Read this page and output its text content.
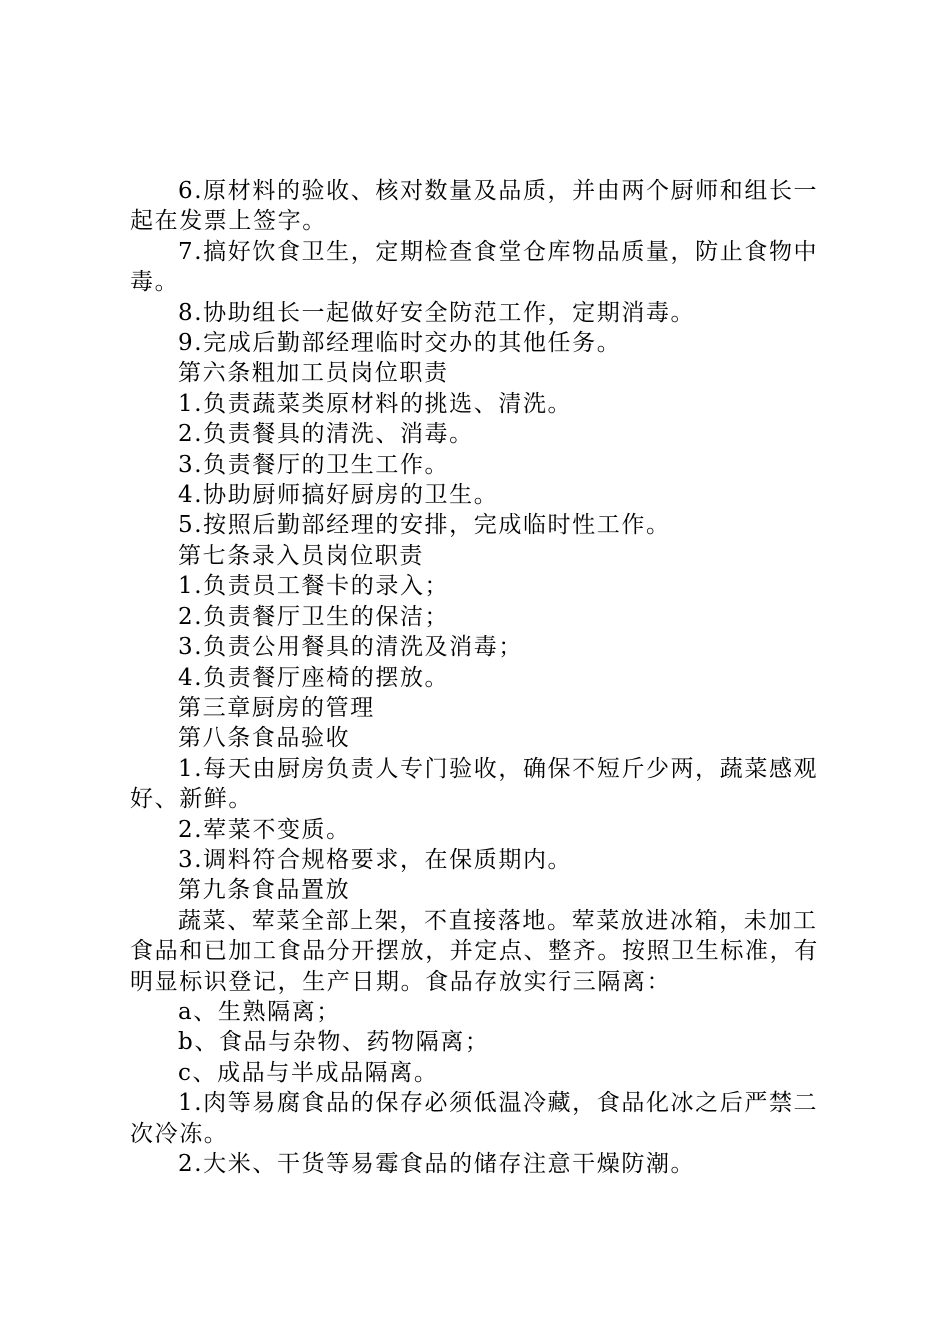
6.原材料的验收、核对数量及品质，并由两个厨师和组长一起在发票上签字。

7.搞好饮食卫生，定期检查食堂仓库物品质量，防止食物中毒。

8.协助组长一起做好安全防范工作，定期消毒。

9.完成后勤部经理临时交办的其他任务。

第六条粗加工员岗位职责

1.负责蔬菜类原材料的挑选、清洗。

2.负责餐具的清洗、消毒。

3.负责餐厅的卫生工作。

4.协助厨师搞好厨房的卫生。

5.按照后勤部经理的安排，完成临时性工作。

第七条录入员岗位职责

1.负责员工餐卡的录入；

2.负责餐厅卫生的保洁；

3.负责公用餐具的清洗及消毒；

4.负责餐厅座椅的摆放。

第三章厨房的管理

第八条食品验收

1.每天由厨房负责人专门验收，确保不短斤少两，蔬菜感观好、新鲜。

2.荤菜不变质。

3.调料符合规格要求，在保质期内。

第九条食品置放

蔬菜、荤菜全部上架，不直接落地。荤菜放进冰箱，未加工食品和已加工食品分开摆放，并定点、整齐。按照卫生标准，有明显标识登记，生产日期。食品存放实行三隔离：

a、生熟隔离；

b、食品与杂物、药物隔离；

c、成品与半成品隔离。

1.肉等易腐食品的保存必须低温冷藏，食品化冰之后严禁二次冷冻。

2.大米、干货等易霉食品的储存注意干燥防潮。
